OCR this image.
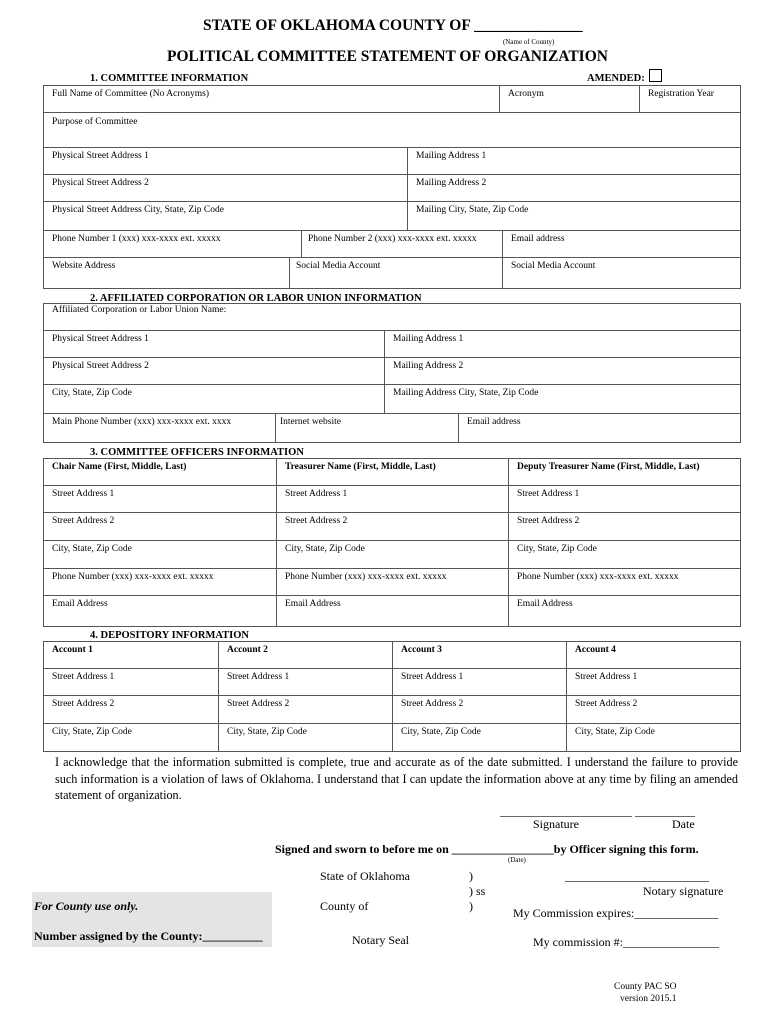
STATE OF OKLAHOMA COUNTY OF ______________
(Name of County)
POLITICAL COMMITTEE STATEMENT OF ORGANIZATION
1. COMMITTEE INFORMATION	AMENDED:
Full Name of Committee (No Acronyms)	Acronym	Registration Year
Purpose of Committee
Physical Street Address 1	Mailing Address 1
Physical Street Address 2	Mailing Address 2
Physical Street Address City, State, Zip Code	Mailing City, State, Zip Code
Phone Number 1 (xxx) xxx-xxxx ext. xxxxx	Phone Number 2 (xxx) xxx-xxxx ext. xxxxx	Email address
Website Address	Social Media Account	Social Media Account
2. AFFILIATED CORPORATION OR LABOR UNION INFORMATION
Affiliated Corporation or Labor Union Name:
Physical Street Address 1	Mailing Address 1
Physical Street Address 2	Mailing Address 2
City, State, Zip Code	Mailing Address City, State, Zip Code
Main Phone Number (xxx) xxx-xxxx ext. xxxx	Internet website	Email address
3. COMMITTEE OFFICERS INFORMATION
Chair Name (First, Middle, Last)	Treasurer Name (First, Middle, Last)	Deputy Treasurer Name (First, Middle, Last)
Street Address 1	Street Address 1	Street Address 1
Street Address 2	Street Address 2	Street Address 2
City, State, Zip Code	City, State, Zip Code	City, State, Zip Code
Phone Number (xxx) xxx-xxxx ext. xxxxx	Phone Number (xxx) xxx-xxxx ext. xxxxx	Phone Number (xxx) xxx-xxxx ext. xxxxx
Email Address	Email Address	Email Address
4. DEPOSITORY INFORMATION
Account 1	Account 2	Account 3	Account 4
Street Address 1	Street Address 1	Street Address 1	Street Address 1
Street Address 2	Street Address 2	Street Address 2	Street Address 2
City, State, Zip Code	City, State, Zip Code	City, State, Zip Code	City, State, Zip Code
I acknowledge that the information submitted is complete, true and accurate as of the date submitted. I understand the failure to provide such information is a violation of laws of Oklahoma. I understand that I can update the information above at any time by filing an amended statement of organization.
______________________ __________
Signature	Date
Signed and sworn to before me on _________________by Officer signing this form.
(Date)
State of Oklahoma
County of
Notary Seal
)
) ss
)
________________________
Notary signature
My Commission expires:______________
My commission #:________________
For County use only.
Number assigned by the County:__________
County PAC SO
version 2015.1
